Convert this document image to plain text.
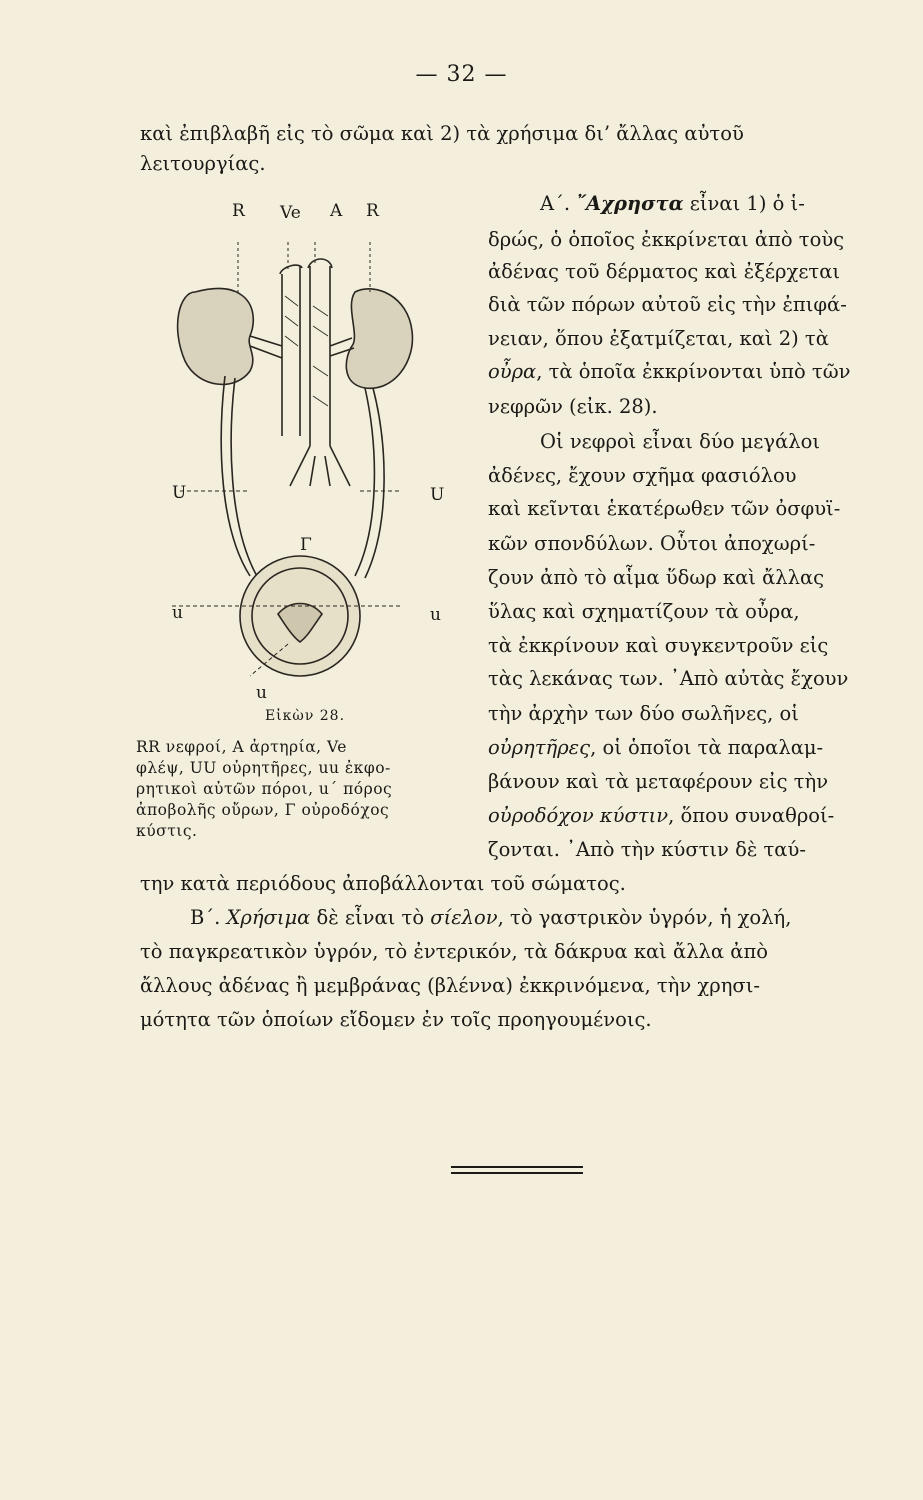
— 32 —
καὶ ἐπιβλαβῆ εἰς τὸ σῶμα καὶ 2) τὰ χρήσιμα δι’ ἄλλας αὐτοῦ
λειτουργίας.
R Ve A R
U	U
Γ
u	u
u
Εἰκὼν 28.
RR νεφροί, A ἀρτηρία, Ve
φλέψ, UU οὐρητῆρες, uu ἐκφο-
ρητικοὶ αὐτῶν πόροι, u΄ πόρος
ἀποβολῆς οὔρων, Γ οὐροδόχος
κύστις.
Α΄. ῎Αχρηστα εἶναι 1) ὁ ἱ-
δρώς, ὁ ὁποῖος ἐκκρίνεται ἀπὸ τοὺς
ἀδένας τοῦ δέρματος καὶ ἐξέρχεται
διὰ τῶν πόρων αὐτοῦ εἰς τὴν ἐπιφά-
νειαν, ὅπου ἐξατμίζεται, καὶ 2) τὰ
οὖρα, τὰ ὁποῖα ἐκκρίνονται ὑπὸ τῶν
νεφρῶν (εἰκ. 28).
Οἱ νεφροὶ εἶναι δύο μεγάλοι
ἀδένες, ἔχουν σχῆμα φασιόλου
καὶ κεῖνται ἑκατέρωθεν τῶν ὀσφυϊ-
κῶν σπονδύλων. Οὗτοι ἀποχωρί-
ζουν ἀπὸ τὸ αἷμα ὕδωρ καὶ ἄλλας
ὕλας καὶ σχηματίζουν τὰ οὖρα,
τὰ ἐκκρίνουν καὶ συγκεντροῦν εἰς
τὰς λεκάνας των. ᾿Απὸ αὐτὰς ἔχουν
τὴν ἀρχὴν των δύο σωλῆνες, οἱ
οὐρητῆρες, οἱ ὁποῖοι τὰ παραλαμ-
βάνουν καὶ τὰ μεταφέρουν εἰς τὴν
οὐροδόχον κύστιν, ὅπου συναθροί-
ζονται. ᾿Απὸ τὴν κύστιν δὲ ταύ-
την κατὰ περιόδους ἀποβάλλονται τοῦ σώματος.
Β΄. Χρήσιμα δὲ εἶναι τὸ σίελον, τὸ γαστρικὸν ὑγρόν, ἡ χολή,
τὸ παγκρεατικὸν ὑγρόν, τὸ ἐντερικόν, τὰ δάκρυα καὶ ἄλλα ἀπὸ
ἄλλους ἀδένας ἢ μεμβράνας (βλέννα) ἐκκρινόμενα, τὴν χρησι-
μότητα τῶν ὁποίων εἴδομεν ἐν τοῖς προηγουμένοις.
